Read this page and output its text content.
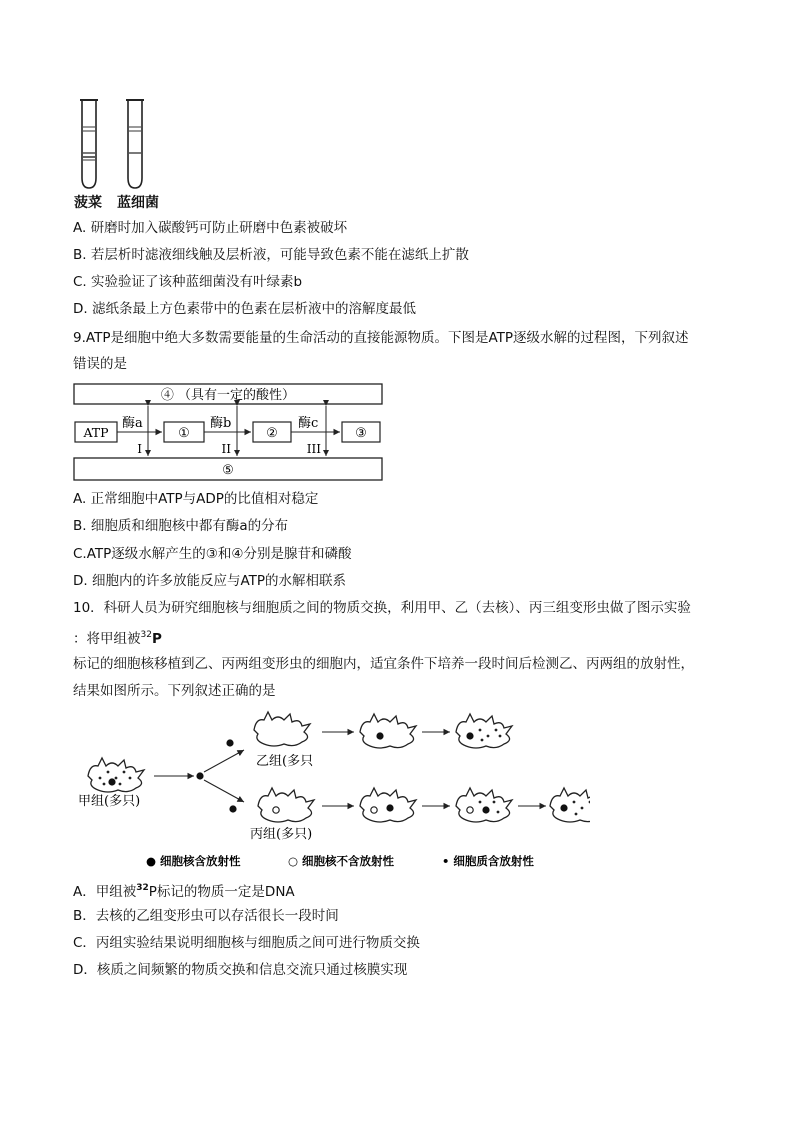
菠菜 蓝细菌
A. 研磨时加入碳酸钙可防止研磨中色素被破坏
B. 若层析时滤液细线触及层析液，可能导致色素不能在滤纸上扩散
C. 实验验证了该种蓝细菌没有叶绿素b
D. 滤纸条最上方色素带中的色素在层析液中的溶解度最低
9.ATP是细胞中绝大多数需要能量的生命活动的直接能源物质。下图是ATP逐级水解的过程图，下列叙述
错误的是
④ （具有一定的酸性）
⑤
ATP	①	②	③
酶a	酶b	酶c
I	II	III
A. 正常细胞中ATP与ADP的比值相对稳定
B. 细胞质和细胞核中都有酶a的分布
C.ATP逐级水解产生的③和④分别是腺苷和磷酸
D. 细胞内的许多放能反应与ATP的水解相联系
10．科研人员为研究细胞核与细胞质之间的物质交换，利用甲、乙（去核）、丙三组变形虫做了图示实验
：将甲组被$^{32}$P
标记的细胞核移植到乙、丙两组变形虫的细胞内，适宜条件下培养一段时间后检测乙、丙两组的放射性，
结果如图所示。下列叙述正确的是
甲组(多只)
乙组(多只
丙组(多只)
● 细胞核含放射性	○ 细胞核不含放射性	• 细胞质含放射性
A．甲组被$^{32}$P标记的物质一定是DNA
B．去核的乙组变形虫可以存活很长一段时间
C．丙组实验结果说明细胞核与细胞质之间可进行物质交换
D．核质之间频繁的物质交换和信息交流只通过核膜实现
